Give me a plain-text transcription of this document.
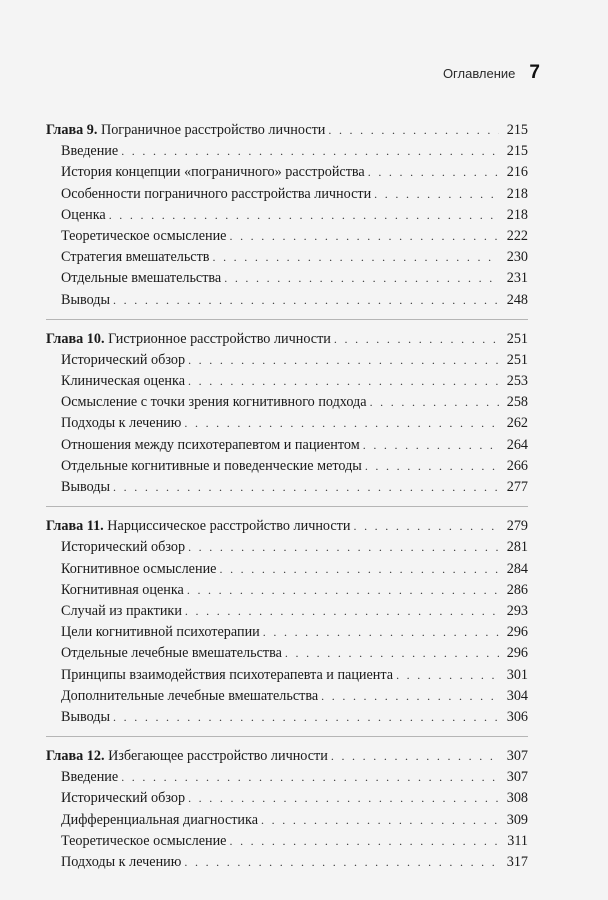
Оглавление 7
Глава 9. Пограничное расстройство личности . . .	215
Введение . . .	215
История концепции «пограничного» расстройства . . .	216
Особенности пограничного расстройства личности . . .	218
Оценка . . .	218
Теоретическое осмысление . . .	222
Стратегия вмешательств . . .	230
Отдельные вмешательства . . .	231
Выводы . . .	248
Глава 10. Гистрионное расстройство личности . . .	251
Исторический обзор . . .	251
Клиническая оценка . . .	253
Осмысление с точки зрения когнитивного подхода . . .	258
Подходы к лечению . . .	262
Отношения между психотерапевтом и пациентом . . .	264
Отдельные когнитивные и поведенческие методы . . .	266
Выводы . . .	277
Глава 11. Нарциссическое расстройство личности . . .	279
Исторический обзор . . .	281
Когнитивное осмысление . . .	284
Когнитивная оценка . . .	286
Случай из практики . . .	293
Цели когнитивной психотерапии . . .	296
Отдельные лечебные вмешательства . . .	296
Принципы взаимодействия психотерапевта и пациента . . .	301
Дополнительные лечебные вмешательства . . .	304
Выводы . . .	306
Глава 12. Избегающее расстройство личности . . .	307
Введение . . .	307
Исторический обзор . . .	308
Дифференциальная диагностика . . .	309
Теоретическое осмысление . . .	311
Подходы к лечению . . .	317
